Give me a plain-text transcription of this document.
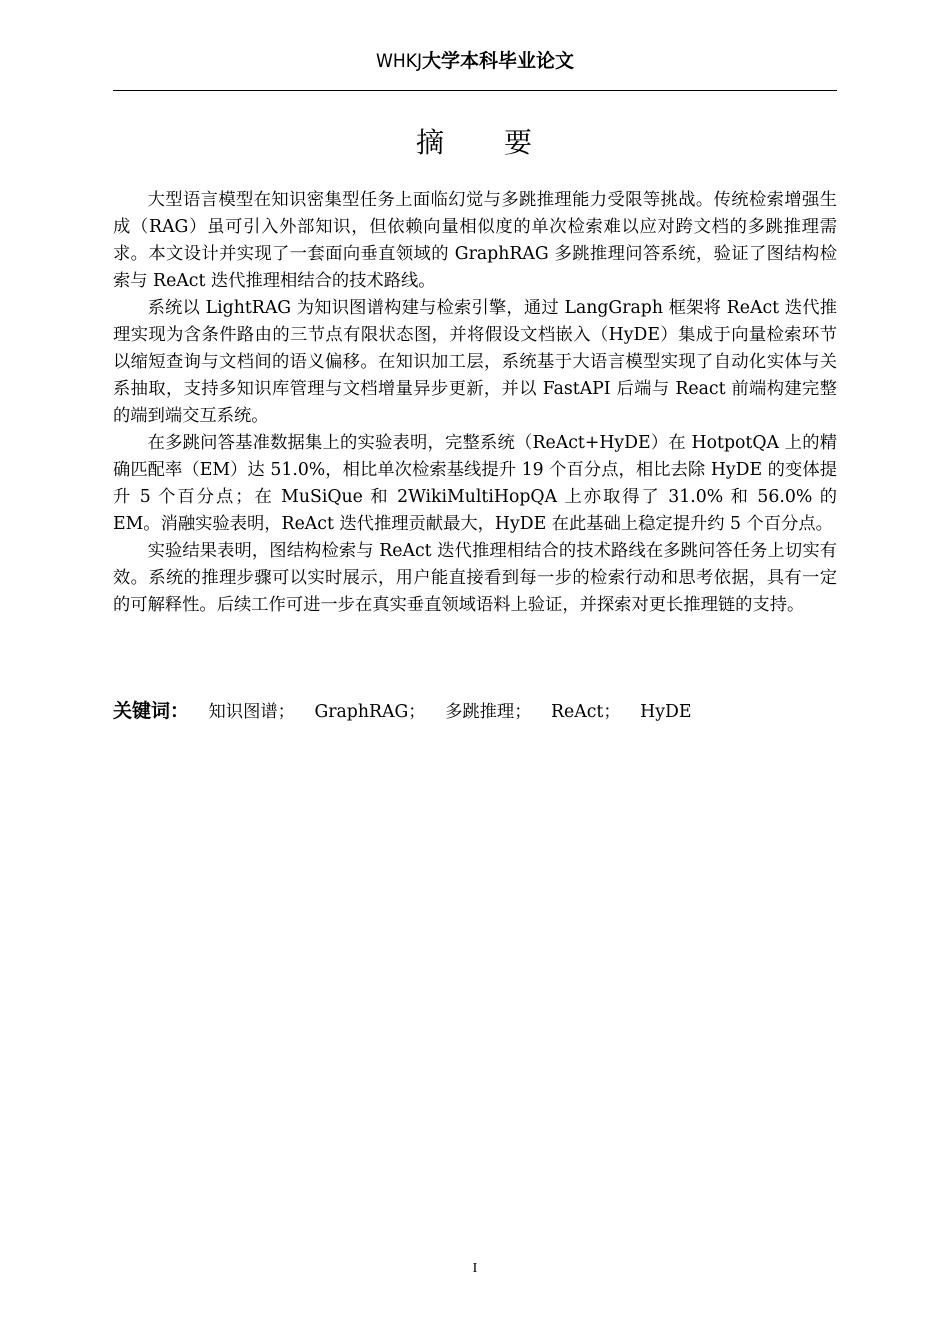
WHKJ大学本科毕业论文
摘 要

大型语言模型在知识密集型任务上面临幻觉与多跳推理能力受限等挑战。传统检索增强生成（RAG）虽可引入外部知识，但依赖向量相似度的单次检索难以应对跨文档的多跳推理需求。本文设计并实现了一套面向垂直领域的 GraphRAG 多跳推理问答系统，验证了图结构检索与 ReAct 迭代推理相结合的技术路线。

系统以 LightRAG 为知识图谱构建与检索引擎，通过 LangGraph 框架将 ReAct 迭代推理实现为含条件路由的三节点有限状态图，并将假设文档嵌入（HyDE）集成于向量检索环节以缩短查询与文档间的语义偏移。在知识加工层，系统基于大语言模型实现了自动化实体与关系抽取，支持多知识库管理与文档增量异步更新，并以 FastAPI 后端与 React 前端构建完整的端到端交互系统。

在多跳问答基准数据集上的实验表明，完整系统（ReAct+HyDE）在 HotpotQA 上的精确匹配率（EM）达 51.0%，相比单次检索基线提升 19 个百分点，相比去除 HyDE 的变体提升 5 个百分点；在 MuSiQue 和 2WikiMultiHopQA 上亦取得了 31.0% 和 56.0% 的 EM。消融实验表明，ReAct 迭代推理贡献最大，HyDE 在此基础上稳定提升约 5 个百分点。

实验结果表明，图结构检索与 ReAct 迭代推理相结合的技术路线在多跳问答任务上切实有效。系统的推理步骤可以实时展示，用户能直接看到每一步的检索行动和思考依据，具有一定的可解释性。后续工作可进一步在真实垂直领域语料上验证，并探索对更长推理链的支持。

关键词： 知识图谱； GraphRAG； 多跳推理； ReAct； HyDE
I
